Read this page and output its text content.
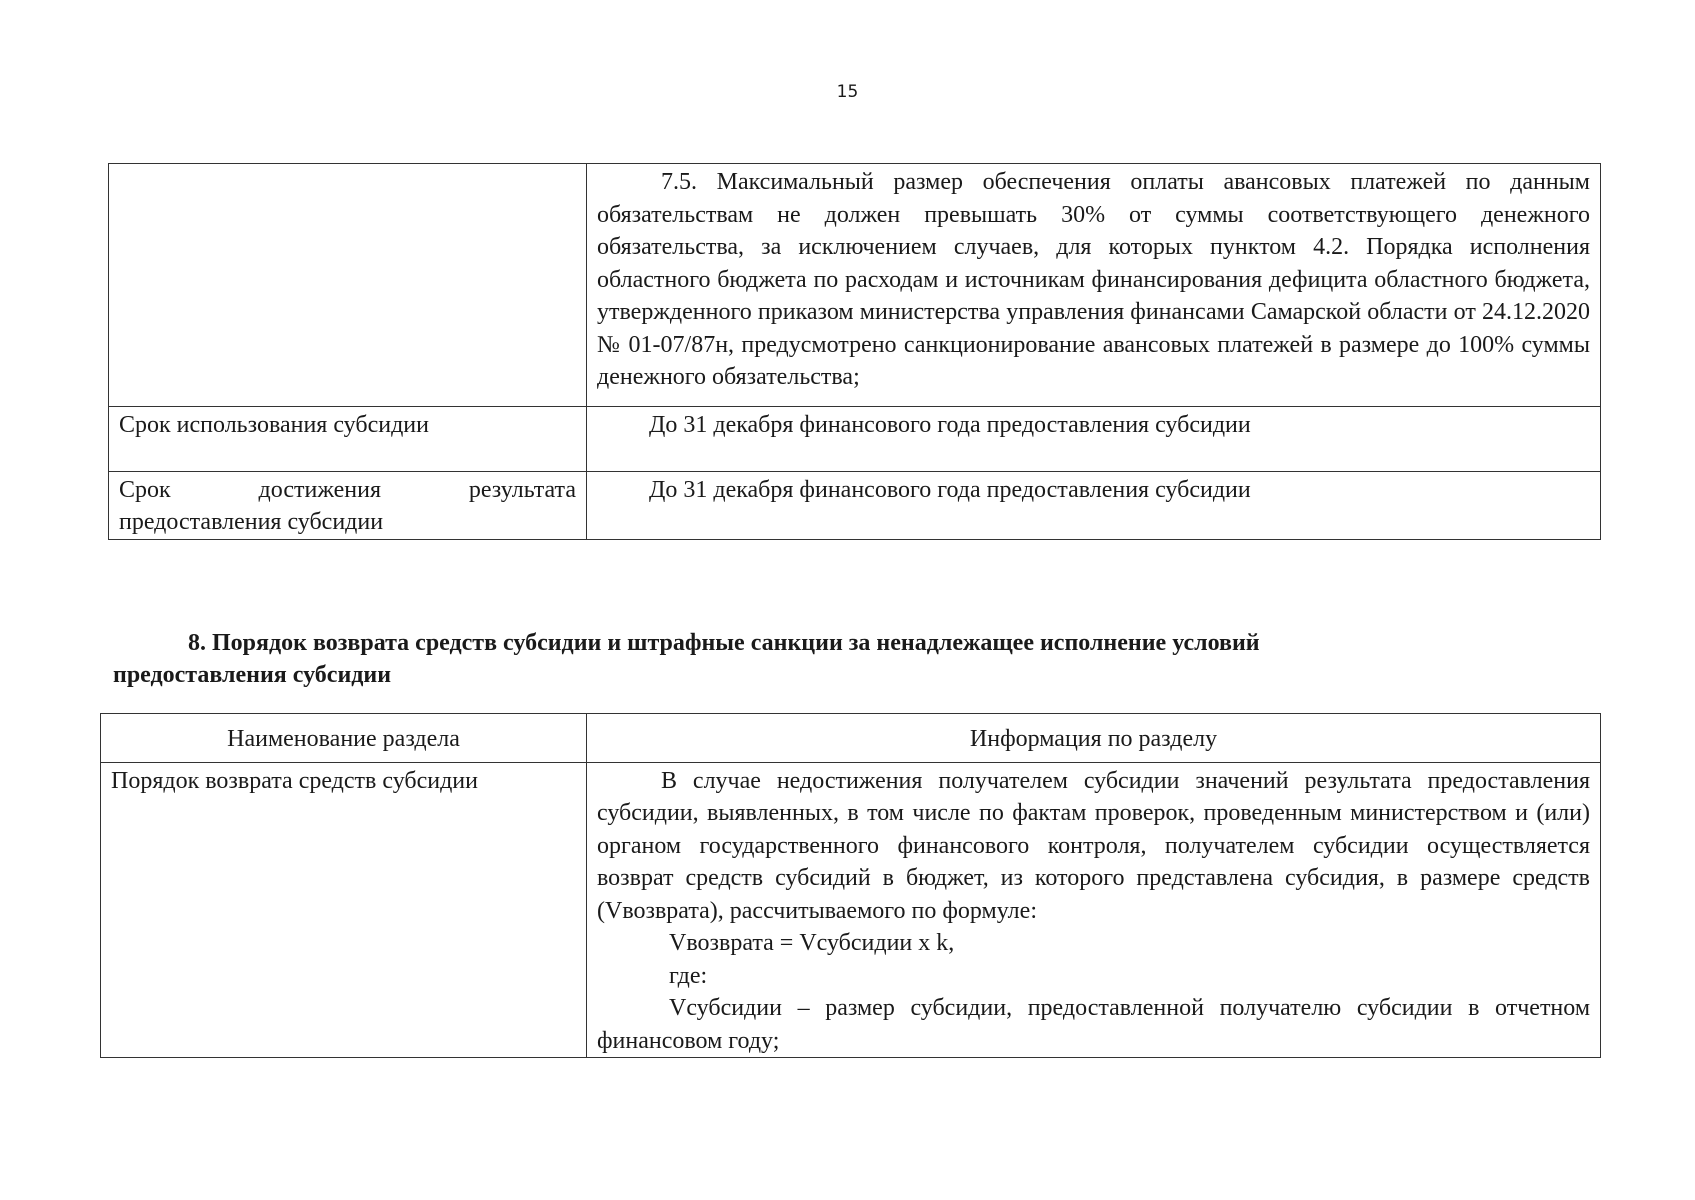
15

	7.5. Максимальный размер обеспечения оплаты авансовых платежей по данным обязательствам не должен превышать 30% от суммы соответствующего денежного обязательства, за исключением случаев, для которых пунктом 4.2. Порядка исполнения областного бюджета по расходам и источникам финансирования дефицита областного бюджета, утвержденного приказом министерства управления финансами Самарской области от 24.12.2020 № 01-07/87н, предусмотрено санкционирование авансовых платежей в размере до 100% суммы денежного обязательства;

Срок использования субсидии	До 31 декабря финансового года предоставления субсидии

Срок достижения результата
предоставления субсидии	До 31 декабря финансового года предоставления субсидии
8. Порядок возврата средств субсидии и штрафные санкции за ненадлежащее исполнение условий
предоставления субсидии
Наименование раздела	Информация по разделу
Порядок возврата средств субсидии	В случае недостижения получателем субсидии значений результата предоставления субсидии, выявленных, в том числе по фактам проверок, проведенным министерством и (или) органом государственного финансового контроля, получателем субсидии осуществляется возврат средств субсидий в бюджет, из которого представлена субсидия, в размере средств (Vвозврата), рассчитываемого по формуле:

Vвозврата = Vсубсидии x k,

где:

Vсубсидии – размер субсидии, предоставленной получателю субсидии в отчетном финансовом году;
